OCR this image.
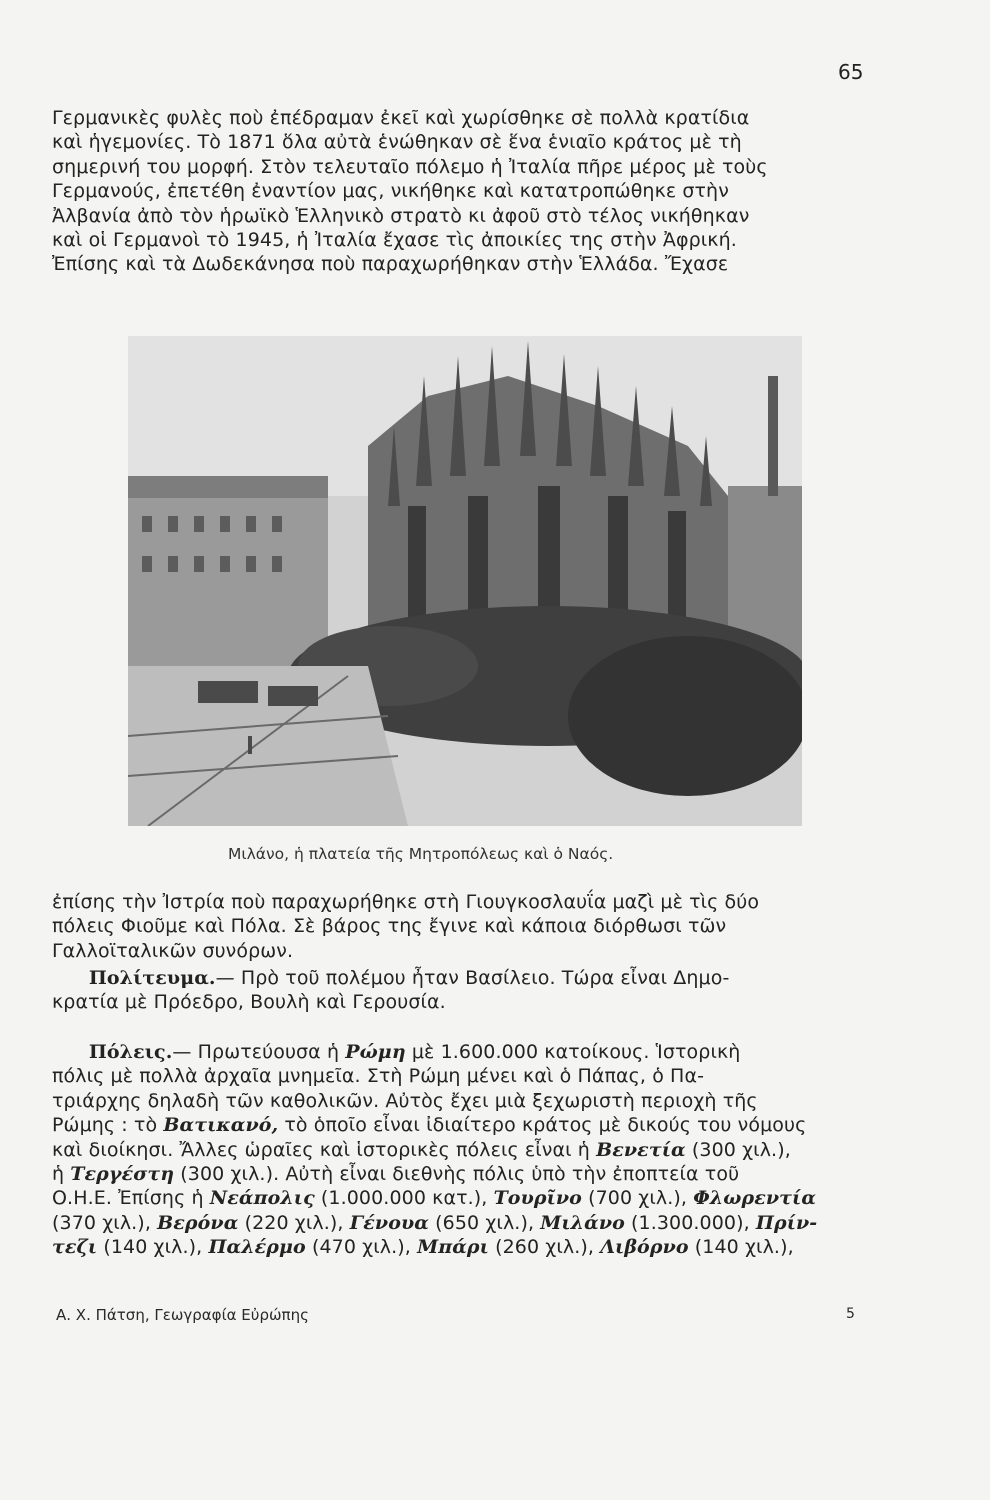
65
Γερμανικὲς φυλὲς ποὺ ἐπέδραμαν ἐκεῖ καὶ χωρίσθηκε σὲ πολλὰ κρατίδια
καὶ ἡγεμονίες. Τὸ 1871 ὅλα αὐτὰ ἑνώθηκαν σὲ ἕνα ἑνιαῖο κράτος μὲ τὴ
σημερινή του μορφή. Στὸν τελευταῖο πόλεμο ἡ Ἰταλία πῆρε μέρος μὲ τοὺς
Γερμανούς, ἐπετέθη ἐναντίον μας, νικήθηκε καὶ κατατροπώθηκε στὴν
Ἀλβανία ἀπὸ τὸν ἡρωϊκὸ Ἑλληνικὸ στρατὸ κι ἀφοῦ στὸ τέλος νικήθηκαν
καὶ οἱ Γερμανοὶ τὸ 1945, ἡ Ἰταλία ἔχασε τὶς ἀποικίες της στὴν Ἀφρική.
Ἐπίσης καὶ τὰ Δωδεκάνησα ποὺ παραχωρήθηκαν στὴν Ἑλλάδα. Ἔχασε
Μιλάνο, ἡ πλατεία τῆς Μητροπόλεως καὶ ὁ Ναός.
ἐπίσης τὴν Ἰστρία ποὺ παραχωρήθηκε στὴ Γιουγκοσλαυΐα μαζὶ μὲ τὶς δύο
πόλεις Φιοῦμε καὶ Πόλα. Σὲ βάρος της ἔγινε καὶ κάποια διόρθωσι τῶν
Γαλλοϊταλικῶν συνόρων.
Πολίτευμα.— Πρὸ τοῦ πολέμου ἦταν Βασίλειο. Τώρα εἶναι Δημο-
κρατία μὲ Πρόεδρο, Βουλὴ καὶ Γερουσία.
Πόλεις.— Πρωτεύουσα ἡ Ρώμη μὲ 1.600.000 κατοίκους. Ἱστορικὴ
πόλις μὲ πολλὰ ἀρχαῖα μνημεῖα. Στὴ Ρώμη μένει καὶ ὁ Πάπας, ὁ Πα-
τριάρχης δηλαδὴ τῶν καθολικῶν. Αὐτὸς ἔχει μιὰ ξεχωριστὴ περιοχὴ τῆς
Ρώμης : τὸ Βατικανό, τὸ ὁποῖο εἶναι ἰδιαίτερο κράτος μὲ δικούς του νόμους
καὶ διοίκησι. Ἄλλες ὡραῖες καὶ ἱστορικὲς πόλεις εἶναι ἡ Βενετία (300 χιλ.),
ἡ Τεργέστη (300 χιλ.). Αὐτὴ εἶναι διεθνὴς πόλις ὑπὸ τὴν ἐποπτεία τοῦ
Ο.Η.Ε. Ἐπίσης ἡ Νεάπολις (1.000.000 κατ.), Τουρῖνο (700 χιλ.), Φλωρεντία
(370 χιλ.), Βερόνα (220 χιλ.), Γένουα (650 χιλ.), Μιλάνο (1.300.000), Πρίν-
τεζι (140 χιλ.), Παλέρμο (470 χιλ.), Μπάρι (260 χιλ.), Λιβόρνο (140 χιλ.),
Α. Χ. Πάτση, Γεωγραφία Εὐρώπης	5
